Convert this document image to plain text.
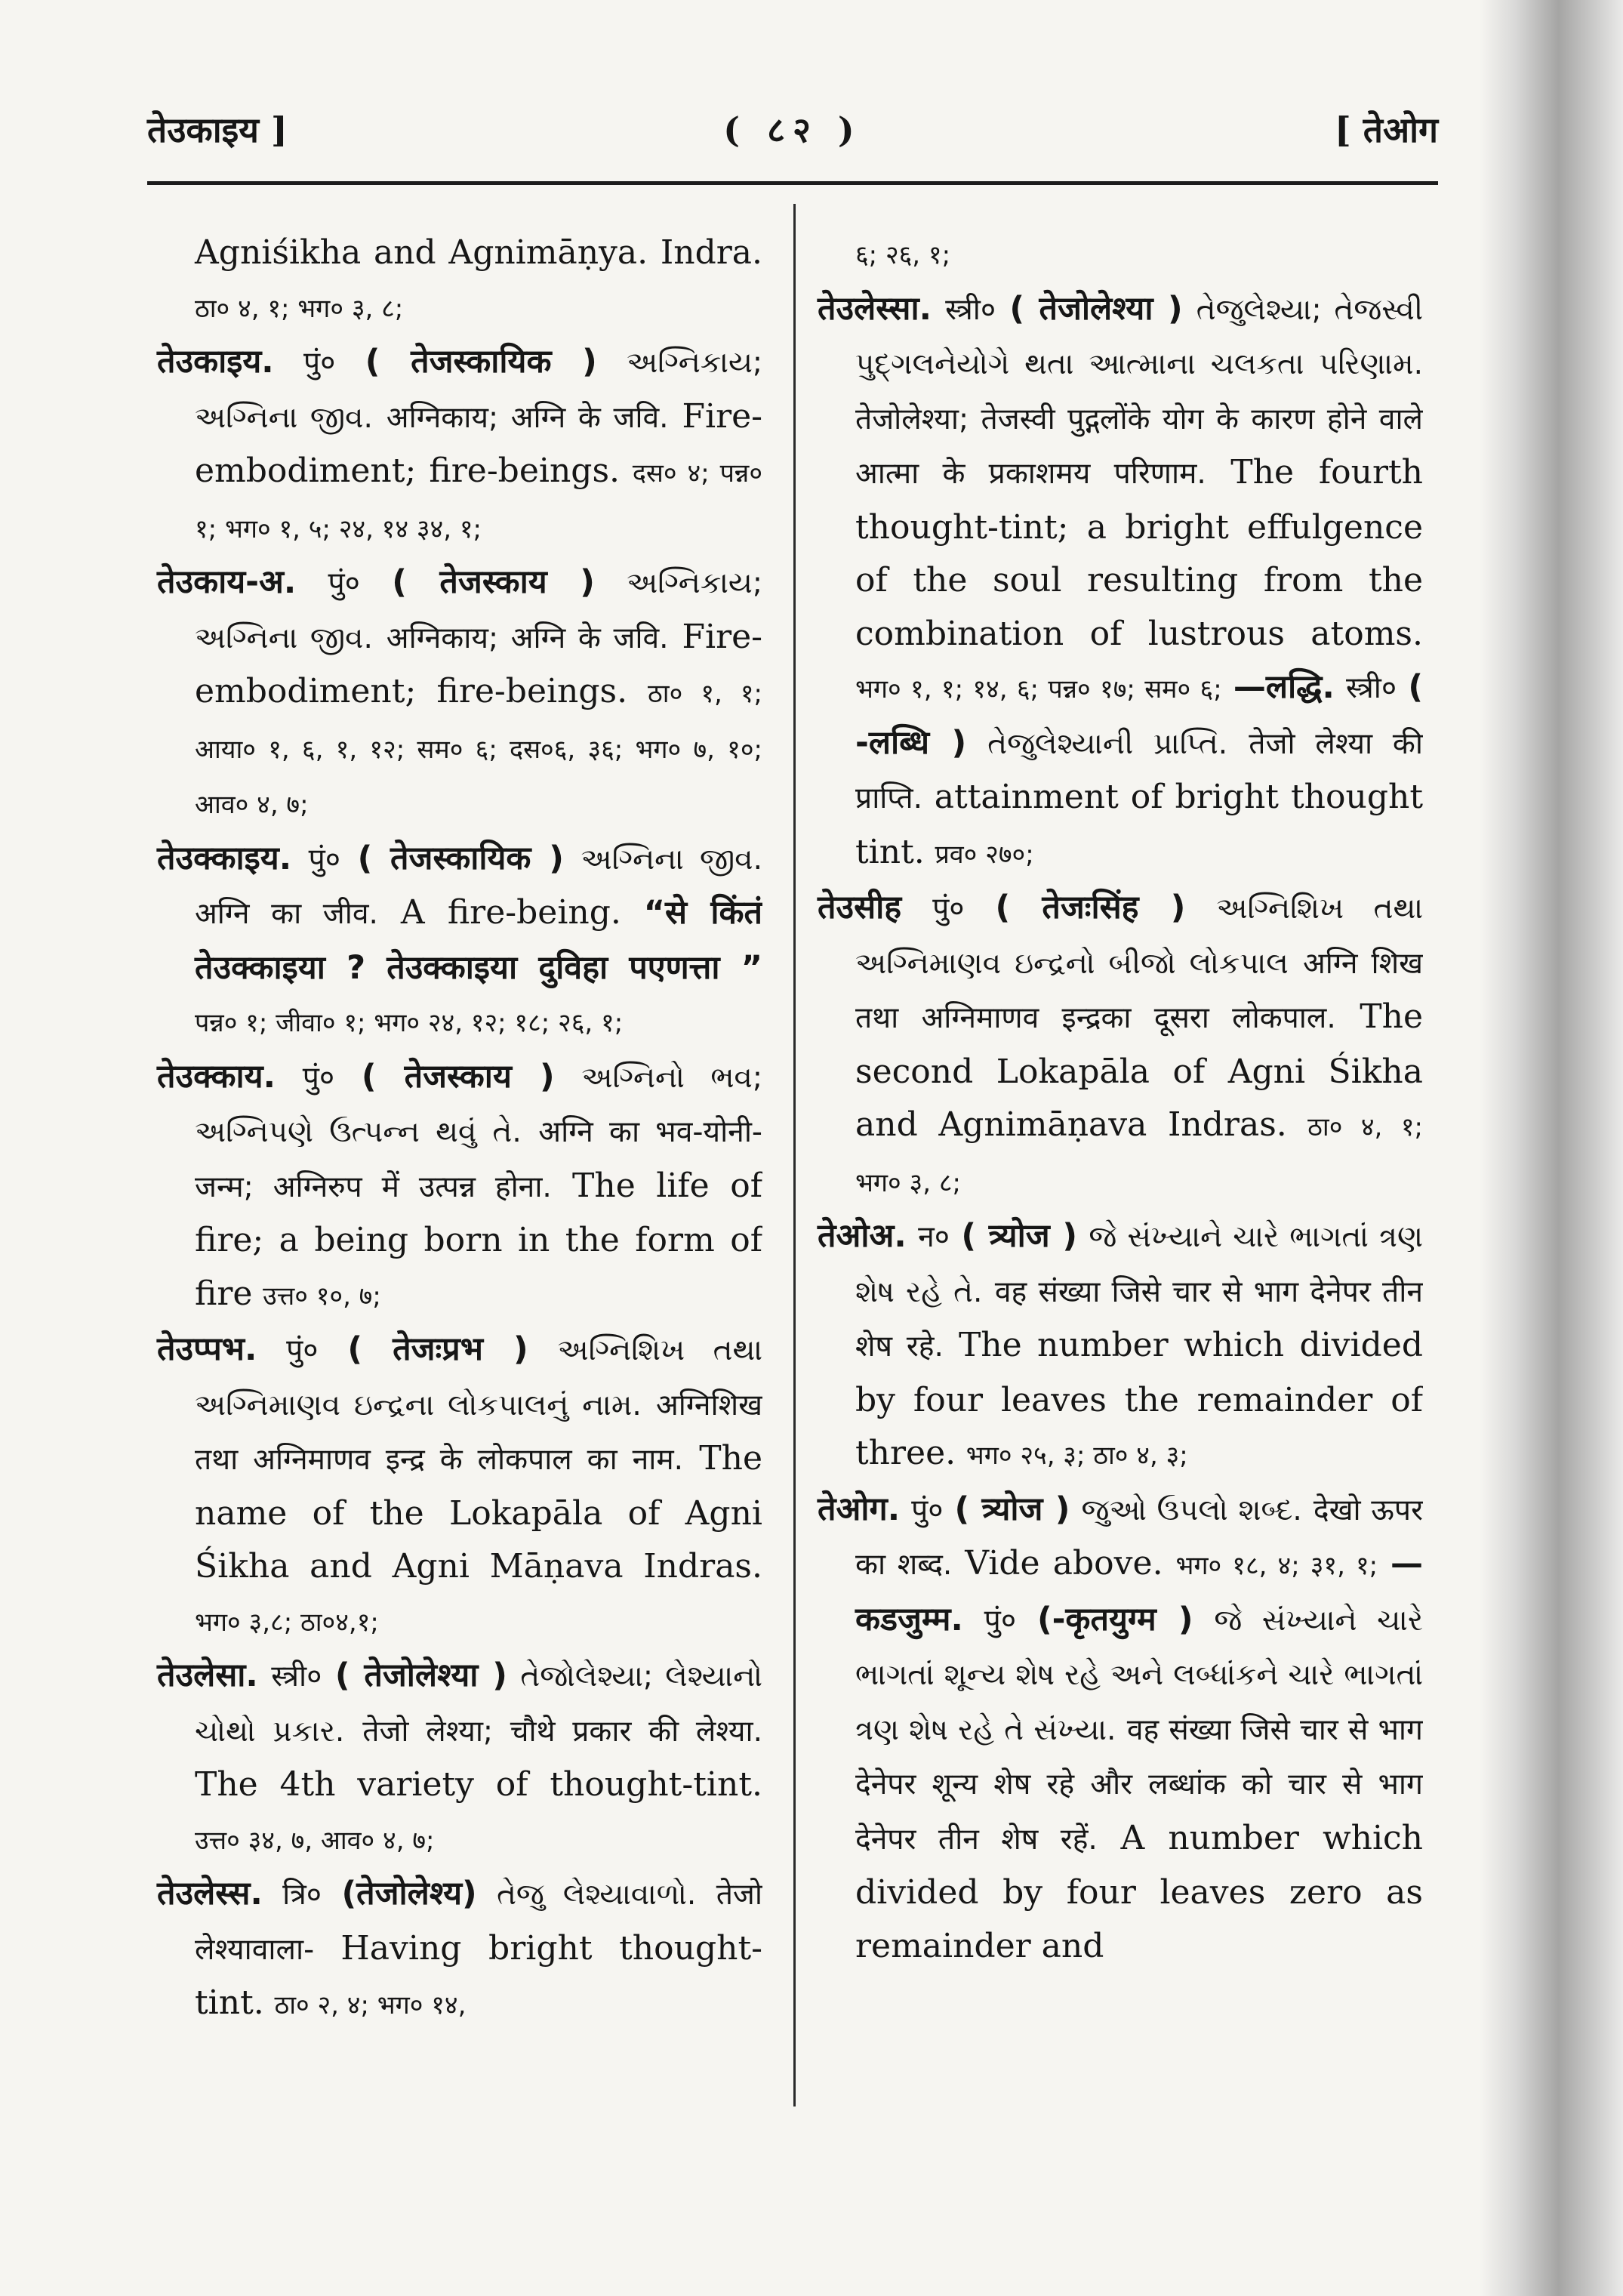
तेउकाइय ]	( ८२ )	[ तेओग

Agniśikha and Agnimāṇya. Indra. ठा० ४, १; भग० ३, ८;

तेउकाइय. पुं० ( तेजस्कायिक ) અગ્નિકાય; અગ્નિના જીવ. अग्निकाय; अग्नि के जवि. Fire-embodiment; fire-beings. दस० ४; पन्न० १; भग० १, ५; २४, १४ ३४, १;

तेउकाय-अ. पुं० ( तेजस्काय ) અગ્નિકાય; અગ્નિના જીવ. अग्निकाय; अग्नि के जवि. Fire-embodiment; fire-beings. ठा० १, १; आया० १, ६, १, १२; सम० ६; दस०६, ३६; भग० ७, १०; आव० ४, ७;

तेउक्काइय. पुं० ( तेजस्कायिक ) અગ્નિના જીવ. अग्नि का जीव. A fire-being. “से किंतं तेउक्काइया ? तेउक्काइया दुविहा पएणत्ता ” पन्न० १; जीवा० १; भग० २४, १२; १८; २६, १;

तेउक्काय. पुं० ( तेजस्काय ) અગ્નિનો ભવ; અગ્નિપણે ઉત્પન્ન થવું તે. अग्नि का भव-योनी-जन्म; अग्निरुप में उत्पन्न होना. The life of fire; a being born in the form of fire उत्त० १०, ७;

तेउप्पभ. पुं० ( तेजःप्रभ ) અગ્નિશિખ તથા અગ્નિમાણવ ઇન્દ્રના લોકપાલનું નામ. अग्निशिख तथा अग्निमाणव इन्द्र के लोकपाल का नाम. The name of the Lokapāla of Agni Śikha and Agni Māṇava Indras. भग० ३,८; ठा०४,१;

तेउलेसा. स्त्री० ( तेजोलेश्या ) તેજોલેશ્યા; લેશ્યાનો ચોથો પ્રકાર. तेजो लेश्या; चौथे प्रकार की लेश्या. The 4th variety of thought-tint. उत्त० ३४, ७, आव० ४, ७;

तेउलेस्स. त्रि० (तेजोलेश्य) તેજુ લેશ્યાવાળો. तेजो लेश्यावाला- Having bright thought-tint. ठा० २, ४; भग० १४,

६; २६, १;

तेउलेस्सा. स्त्री० ( तेजोलेश्या ) તેજુલેશ્યા; તેજસ્વી પુદ્ગલનેયોગે થતા આત્માના ચલકતા પરિણામ. तेजोलेश्या; तेजस्वी पुद्गलोंके योग के कारण होने वाले आत्मा के प्रकाशमय परिणाम. The fourth thought-tint; a bright effulgence of the soul resulting from the combination of lustrous atoms. भग० १, १; १४, ६; पन्न० १७; सम० ६; —लद्धि. स्त्री० ( -लब्धि ) તેજુલેશ્યાની પ્રાપ્તિ. तेजो लेश्या की प्राप्ति. attainment of bright thought tint. प्रव० २७०;

तेउसीह पुं० ( तेजःसिंह ) અગ્નિશિખ તથા અગ્નિમાણવ ઇન્દ્રનો બીજો લોકપાલ अग्नि शिख तथा अग्निमाणव इन्द्रका दूसरा लोकपाल. The second Lokapāla of Agni Śikha and Agnimāṇava Indras. ठा० ४, १; भग० ३, ८;

तेओअ. न० ( त्र्योज ) જે સંખ્યાને ચારે ભાગતાં ત્રણ શેષ રહે તે. वह संख्या जिसे चार से भाग देनेपर तीन शेष रहे. The number which divided by four leaves the remainder of three. भग० २५, ३; ठा० ४, ३;

तेओग. पुं० ( त्र्योज ) જુઓ ઉપલો શબ્દ. देखो ऊपर का शब्द. Vide above. भग० १८, ४; ३१, १; —कडजुम्म. पुं० (-कृतयुग्म ) જે સંખ્યાને ચારે ભાગતાં શૂન્ય શેષ રહે અને લબ્ધાંકને ચારે ભાગતાં ત્રણ શેષ રહે તે સંખ્યા. वह संख्या जिसे चार से भाग देनेपर शून्य शेष रहे और लब्धांक को चार से भाग देनेपर तीन शेष रहें. A number which divided by four leaves zero as remainder and
